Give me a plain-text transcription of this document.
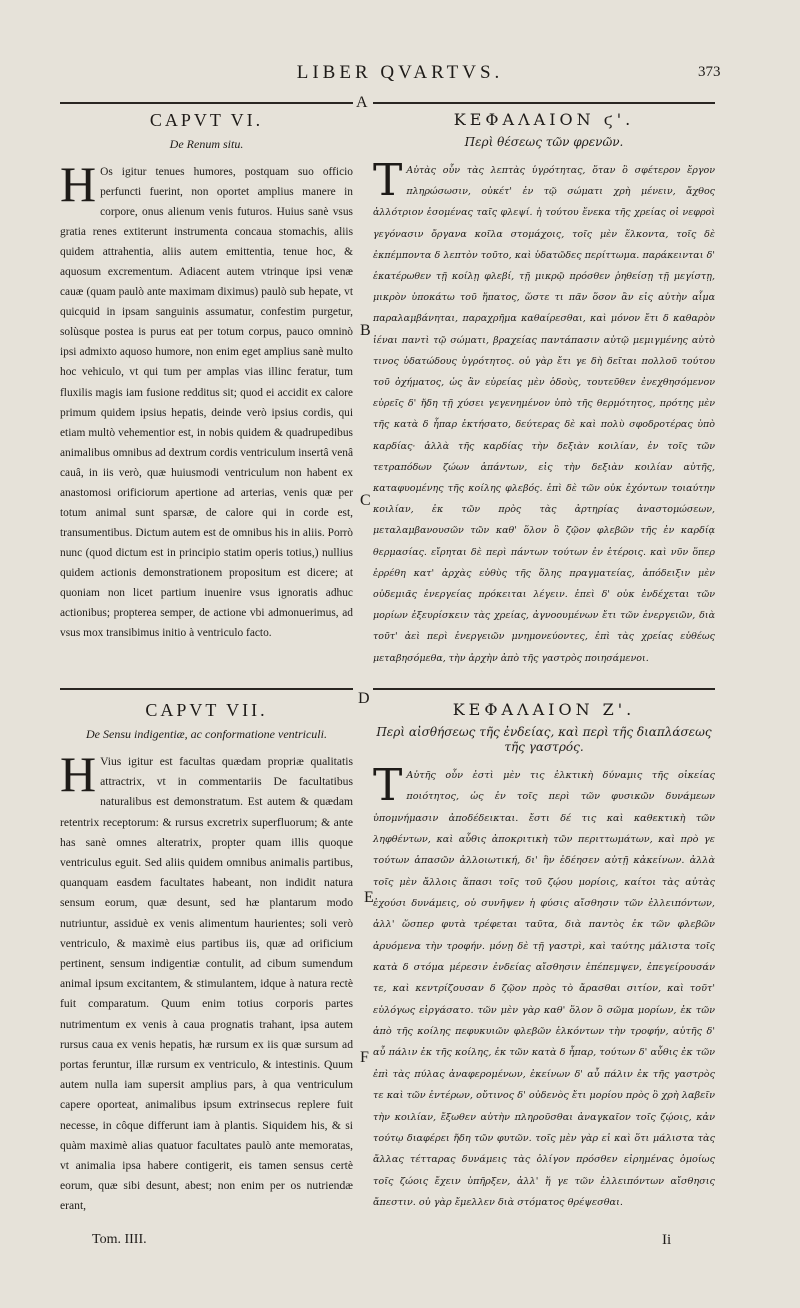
LIBER QVARTVS.	373
A
B
C
D
E
F
CAPVT VI.
De Renum situ.

H Os igitur tenues humores, postquam suo officio perfuncti fuerint, non oportet amplius manere in corpore, onus alienum venis futuros. Huius sanè vsus gratia renes extiterunt instrumenta concaua stomachis, aliis quidem attrahentia, aliis autem emittentia, tenue hoc, & aquosum excrementum. Adiacent autem vtrinque ipsi venæ cauæ (quam paulò ante maximam diximus) paulò sub hepate, vt quicquid in ipsam sanguinis assumatur, confestim purgetur, solùsque postea is purus eat per totum corpus, pauco omninò ipsi admixto aquoso humore, non enim eget amplius sanè multo hoc vehiculo, vt qui tum per amplas vias illinc feratur, tum fluxilis magis iam fusione redditus sit; quod ei accidit ex calore primum quidem ipsius hepatis, deinde verò ipsius cordis, qui etiam multò vehementior est, in nobis quidem & quadrupedibus animalibus omnibus ad dextrum cordis ventriculum insertâ venâ cauâ, in iis verò, quæ huiusmodi ventriculum non habent ex anastomosi orificiorum apertione ad arterias, venis quæ per totum animal sunt sparsæ, de calore qui in corde est, transumentibus. Dictum autem est de omnibus his in aliis. Porrò nunc (quod dictum est in principio statim operis totius,) nullius quidem actionis demonstrationem propositum est dicere; at quoniam non licet partium inuenire vsus ignoratis adhuc actionibus; propterea semper, de actione vbi admonuerimus, ad vsus mox transibimus initio à ventriculo facto.

ΚΕΦΑΛΑΙΟΝ ϛ'.
Περὶ θέσεως τῶν φρενῶν.

Τ Αὐτὰς οὖν τὰς λεπτὰς ὑγρότητας, ὅταν ὃ σφέτερον ἔργον πληρώσωσιν, οὐκέτ' ἐν τῷ σώματι χρὴ μένειν, ἄχθος ἀλλότριον ἐσομένας ταῖς φλεψί. ἡ τούτου ἕνεκα τῆς χρείας οἱ νεφροὶ γεγόνασιν ὄργανα κοῖλα στομάχοις, τοῖς μὲν ἕλκοντα, τοῖς δὲ ἐκπέμποντα δ λεπτὸν τοῦτο, καὶ ὑδατῶδες περίττωμα. παράκεινται δ' ἑκατέρωθεν τῇ κοίλῃ φλεβί, τῇ μικρῷ πρόσθεν ῥηθείσῃ τῇ μεγίστῃ, μικρὸν ὑποκάτω τοῦ ἥπατος, ὥστε τι πᾶν ὅσον ἂν εἰς αὐτὴν αἷμα παραλαμβάνηται, παραχρῆμα καθαίρεσθαι, καὶ μόνον ἔτι δ καθαρὸν ἰέναι παντὶ τῷ σώματι, βραχείας παντάπασιν αὐτῷ μεμιγμένης αὐτὸ τινος ὑδατώδους ὑγρότητος. οὐ γὰρ ἔτι γε δὴ δεῖται πολλοῦ τούτου τοῦ ὀχήματος, ὡς ἂν εὐρείας μὲν ὁδοὺς, τουτεῦθεν ἐνεχθησόμενον εὐρεῖς δ' ἤδη τῇ χύσει γεγενημένον ὑπὸ τῆς θερμότητος, πρότης μὲν τῆς κατὰ δ ἧπαρ ἐκτήσατο, δεύτερας δὲ καὶ πολὺ σφοδροτέρας ὑπὸ καρδίας· ἀλλὰ τῆς καρδίας τὴν δεξιὰν κοιλίαν, ἐν τοῖς τῶν τετραπόδων ζώων ἁπάντων, εἰς τὴν δεξιὰν κοιλίαν αὐτῆς, καταφυομένης τῆς κοίλης φλεβός. ἐπὶ δὲ τῶν οὐκ ἐχόντων τοιαύτην κοιλίαν, ἐκ τῶν πρὸς τὰς ἀρτηρίας ἀναστομώσεων, μεταλαμβανουσῶν τῶν καθ' ὅλον ὃ ζῷον φλεβῶν τῆς ἐν καρδίᾳ θερμασίας. εἴρηται δὲ περὶ πάντων τούτων ἐν ἑτέροις. καὶ νῦν ὅπερ ἐρρέθη κατ' ἀρχὰς εὐθὺς τῆς ὅλης πραγματείας, ἀπόδειξιν μὲν οὐδεμιᾶς ἐνεργείας πρόκειται λέγειν. ἐπεὶ δ' οὐκ ἐνδέχεται τῶν μορίων ἐξευρίσκειν τὰς χρείας, ἀγνοουμένων ἔτι τῶν ἐνεργειῶν, διὰ τοῦτ' ἀεὶ περὶ ἐνεργειῶν μνημονεύοντες, ἐπὶ τὰς χρείας εὐθέως μεταβησόμεθα, τὴν ἀρχὴν ἀπὸ τῆς γαστρὸς ποιησάμενοι.

CAPVT VII.
De Sensu indigentiæ, ac conformatione ventriculi.

H Vius igitur est facultas quædam propriæ qualitatis attractrix, vt in commentariis De facultatibus naturalibus est demonstratum. Est autem & quædam retentrix receptorum: & rursus excretrix superfluorum; & ante has sanè omnes alteratrix, propter quam illis quoque ventriculus eguit. Sed aliis quidem omnibus animalis partibus, quanquam easdem facultates habeant, non indidit natura sensum eorum, quæ desunt, sed hæ plantarum modo nutriuntur, assiduè ex venis alimentum haurientes; soli verò ventriculo, & maximè eius partibus iis, quæ ad orificium pertinent, sensum indigentiæ contulit, ad cibum sumendum animal ipsum excitantem, & stimulantem, idque à natura rectè fuit comparatum. Quum enim totius corporis partes nutrimentum ex venis à caua prognatis trahant, ipsa autem rursus caua ex venis hepatis, hæ rursum ex iis quæ sursum ad portas feruntur, illæ rursum ex ventriculo, & intestinis. Quum autem nulla iam supersit amplius pars, à qua ventriculum capere oporteat, animalibus ipsum extrinsecus replere fuit necesse, in côque differunt iam à plantis. Siquidem his, & si quàm maximè alias quatuor facultates paulò ante memoratas, vt animalia ipsa habere contigerit, eis tamen sensus certè eorum, quæ sibi desunt, abest; non enim per os nutriendæ erant,

ΚΕΦΑΛΑΙΟΝ Ζ'.
Περὶ αἰσθήσεως τῆς ἐνδείας, καὶ περὶ τῆς διαπλάσεως τῆς γαστρός.

Τ Αὐτῆς οὖν ἐστὶ μὲν τις ἑλκτικὴ δύναμις τῆς οἰκείας ποιότητος, ὡς ἐν τοῖς περὶ τῶν φυσικῶν δυνάμεων ὑπομνήμασιν ἀποδέδεικται. ἔστι δέ τις καὶ καθεκτικὴ τῶν ληφθέντων, καὶ αὖθις ἀποκριτικὴ τῶν περιττωμάτων, καὶ πρὸ γε τούτων ἁπασῶν ἀλλοιωτική, δι' ἣν ἐδέησεν αὐτῇ κἀκείνων. ἀλλὰ τοῖς μὲν ἄλλοις ἅπασι τοῖς τοῦ ζῴου μορίοις, καίτοι τὰς αὐτὰς ἐχούσι δυνάμεις, οὐ συνῆψεν ἡ φύσις αἴσθησιν τῶν ἐλλειπόντων, ἀλλ' ὥσπερ φυτὰ τρέφεται ταῦτα, διὰ παντὸς ἐκ τῶν φλεβῶν ἀρυόμενα τὴν τροφήν. μόνῃ δὲ τῇ γαστρὶ, καὶ ταύτης μάλιστα τοῖς κατὰ δ στόμα μέρεσιν ἐνδείας αἴσθησιν ἐπέπεμψεν, ἐπεγείρουσάν τε, καὶ κεντρίζουσαν δ ζῷον πρὸς τὸ ἄρασθαι σιτίον, καὶ τοῦτ' εὐλόγως εἰργάσατο. τῶν μὲν γὰρ καθ' ὅλον ὃ σῶμα μορίων, ἐκ τῶν ἀπὸ τῆς κοίλης πεφυκυιῶν φλεβῶν ἑλκόντων τὴν τροφήν, αὐτῆς δ' αὖ πάλιν ἐκ τῆς κοίλης, ἐκ τῶν κατὰ δ ἧπαρ, τούτων δ' αὖθις ἐκ τῶν ἐπὶ τὰς πύλας ἀναφερομένων, ἐκείνων δ' αὖ πάλιν ἐκ τῆς γαστρὸς τε καὶ τῶν ἐντέρων, οὔτινος δ' οὐδενὸς ἔτι μορίου πρὸς ὃ χρὴ λαβεῖν τὴν κοιλίαν, ἔξωθεν αὐτὴν πληροῦσθαι ἀναγκαῖον τοῖς ζῴοις, κἀν τούτῳ διαφέρει ἤδη τῶν φυτῶν. τοῖς μὲν γὰρ εἰ καὶ ὅτι μάλιστα τὰς ἄλλας τέτταρας δυνάμεις τὰς ὀλίγον πρόσθεν εἰρημένας ὁμοίως τοῖς ζώοις ἔχειν ὑπῆρξεν, ἀλλ' ἥ γε τῶν ἐλλειπόντων αἴσθησις ἄπεστιν. οὐ γὰρ ἔμελλεν διὰ στόματος θρέψεσθαι.

Tom. IIII.	Ii
